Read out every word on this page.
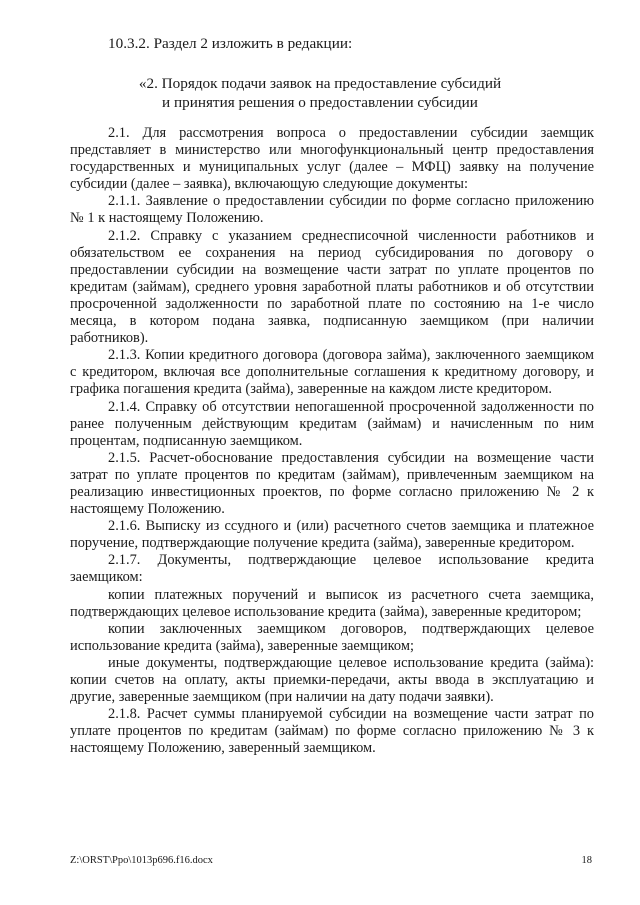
10.3.2. Раздел 2 изложить в редакции:
«2. Порядок подачи заявок на предоставление субсидий
и принятия решения о предоставлении субсидии

2.1. Для рассмотрения вопроса о предоставлении субсидии заемщик представляет в министерство или многофункциональный центр предоставления государственных и муниципальных услуг (далее – МФЦ) заявку на получение субсидии (далее – заявка), включающую следующие документы:

2.1.1. Заявление о предоставлении субсидии по форме согласно приложению № 1 к настоящему Положению.

2.1.2. Справку с указанием среднесписочной численности работников и обязательством ее сохранения на период субсидирования по договору о предоставлении субсидии на возмещение части затрат по уплате процентов по кредитам (займам), среднего уровня заработной платы работников и об отсутствии просроченной задолженности по заработной плате по состоянию на 1-е число месяца, в котором подана заявка, подписанную заемщиком (при наличии работников).

2.1.3. Копии кредитного договора (договора займа), заключенного заемщиком с кредитором, включая все дополнительные соглашения к кредитному договору, и графика погашения кредита (займа), заверенные на каждом листе кредитором.

2.1.4. Справку об отсутствии непогашенной просроченной задолженности по ранее полученным действующим кредитам (займам) и начисленным по ним процентам, подписанную заемщиком.

2.1.5. Расчет-обоснование предоставления субсидии на возмещение части затрат по уплате процентов по кредитам (займам), привлеченным заемщиком на реализацию инвестиционных проектов, по форме согласно приложению № 2 к настоящему Положению.

2.1.6. Выписку из ссудного и (или) расчетного счетов заемщика и платежное поручение, подтверждающие получение кредита (займа), заверенные кредитором.

2.1.7. Документы, подтверждающие целевое использование кредита заемщиком:

копии платежных поручений и выписок из расчетного счета заемщика, подтверждающих целевое использование кредита (займа), заверенные кредитором;

копии заключенных заемщиком договоров, подтверждающих целевое использование кредита (займа), заверенные заемщиком;

иные документы, подтверждающие целевое использование кредита (займа): копии счетов на оплату, акты приемки-передачи, акты ввода в эксплуатацию и другие, заверенные заемщиком (при наличии на дату подачи заявки).

2.1.8. Расчет суммы планируемой субсидии на возмещение части затрат по уплате процентов по кредитам (займам) по форме согласно приложению № 3 к настоящему Положению, заверенный заемщиком.

Z:\ORST\Ppo\1013p696.f16.docx	18
